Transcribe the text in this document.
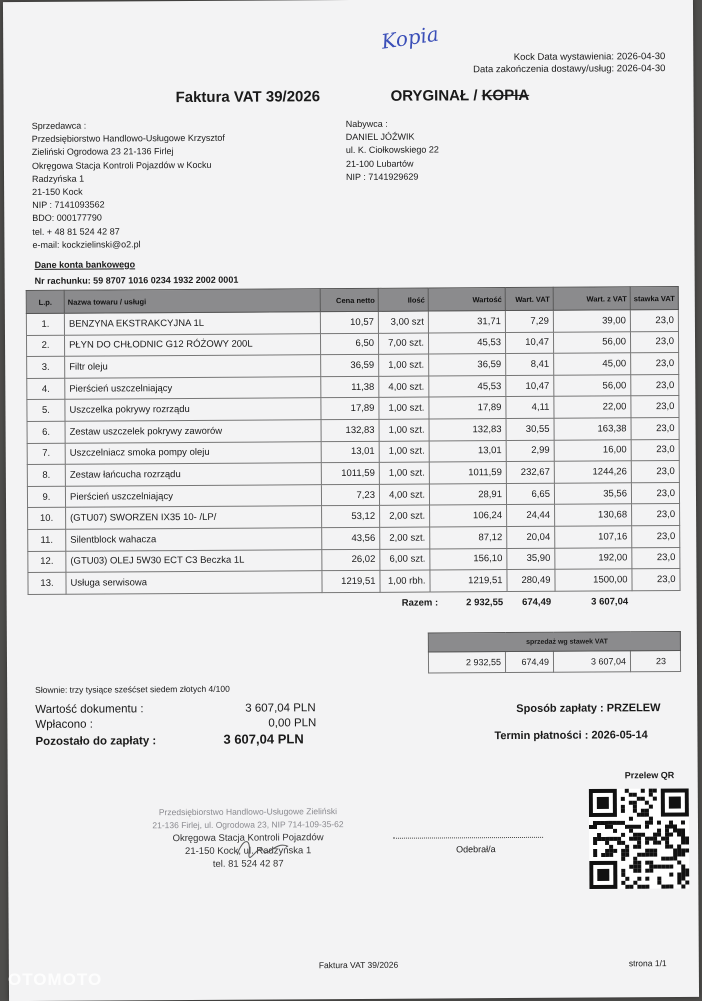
Kopia
Kock Data wystawienia: 2026-04-30
Data zakończenia dostawy/usług: 2026-04-30
Faktura VAT 39/2026	ORYGINAŁ / KOPIA
Sprzedawca :
Przedsiębiorstwo Handlowo-Usługowe Krzysztof
Zieliński Ogrodowa 23 21-136 Firlej
Okręgowa Stacja Kontroli Pojazdów w Kocku
Radzyńska 1
21-150 Kock
NIP : 7141093562
BDO: 000177790
tel. + 48 81 524 42 87
e-mail: kockzielinski@o2.pl
Nabywca :
DANIEL JÓŹWIK
ul. K. Ciołkowskiego 22
21-100 Lubartów
NIP : 7141929629
Dane konta bankowego
Nr rachunku: 59 8707 1016 0234 1932 2002 0001
L.p.	Nazwa towaru / usługi	Cena netto	Ilość	Wartość	Wart. VAT	Wart. z VAT	stawka VAT
1.	BENZYNA EKSTRAKCYJNA 1L	10,57	3,00 szt	31,71	7,29	39,00	23,0
2.	PŁYN DO CHŁODNIC G12 RÓŻOWY 200L	6,50	7,00 szt.	45,53	10,47	56,00	23,0
3.	Filtr oleju	36,59	1,00 szt.	36,59	8,41	45,00	23,0
4.	Pierścień uszczelniający	11,38	4,00 szt.	45,53	10,47	56,00	23,0
5.	Uszczelka pokrywy rozrządu	17,89	1,00 szt.	17,89	4,11	22,00	23,0
6.	Zestaw uszczelek pokrywy zaworów	132,83	1,00 szt.	132,83	30,55	163,38	23,0
7.	Uszczelniacz smoka pompy oleju	13,01	1,00 szt.	13,01	2,99	16,00	23,0
8.	Zestaw łańcucha rozrządu	1011,59	1,00 szt.	1011,59	232,67	1244,26	23,0
9.	Pierścień uszczelniający	7,23	4,00 szt.	28,91	6,65	35,56	23,0
10.	(GTU07) SWORZEN IX35 10- /LP/	53,12	2,00 szt.	106,24	24,44	130,68	23,0
11.	Silentblock wahacza	43,56	2,00 szt.	87,12	20,04	107,16	23,0
12.	(GTU03) OLEJ 5W30 ECT C3 Beczka 1L	26,02	6,00 szt.	156,10	35,90	192,00	23,0
13.	Usługa serwisowa	1219,51	1,00 rbh.	1219,51	280,49	1500,00	23,0
			Razem : 2 932,55		674,49	3 607,04	
sprzedaż wg stawek VAT
2 932,55	674,49	3 607,04	23
Słownie: trzy tysiące sześćset siedem złotych 4/100
Wartość dokumentu :	3 607,04 PLN
Wpłacono :	0,00 PLN
Pozostało do zapłaty :	3 607,04 PLN
Sposób zapłaty : PRZELEW
Termin płatności : 2026-05-14
Przelew QR
Przedsiębiorstwo Handlowo-Usługowe Zieliński
21-136 Firlej, ul. Ogrodowa 23, NIP 714-109-35-62
Okręgowa Stacja Kontroli Pojazdów
21-150 Kock, ul. Radzyńska 1
tel. 81 524 42 87
Odebrał/a
Faktura VAT 39/2026	strona 1/1
OTOMOTO
